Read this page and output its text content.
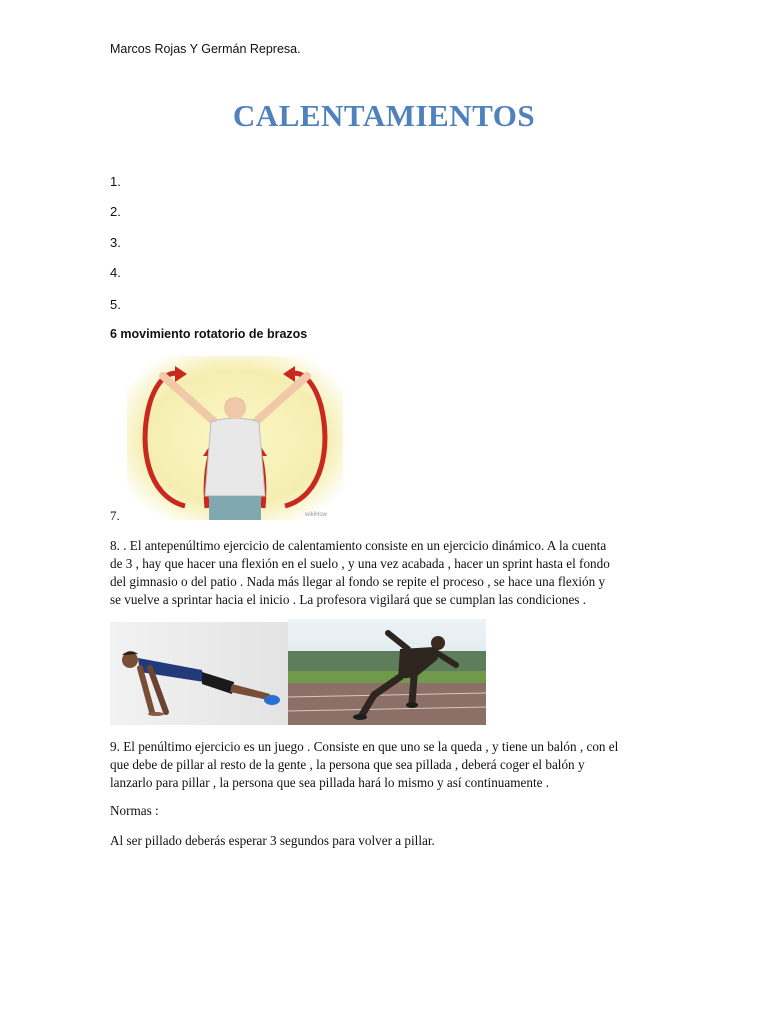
Marcos Rojas Y Germán Represa.
CALENTAMIENTOS
1.
2.
3.
4.
5.
6 movimiento rotatorio de brazos
wikiHow
7.
8. . El antepenúltimo ejercicio de calentamiento consiste en un ejercicio dinámico. A la cuenta
de 3 , hay que hacer una flexión en el suelo , y una vez acabada , hacer un sprint hasta el fondo
del gimnasio o del patio . Nada más llegar al fondo se repite el proceso , se hace una flexión y
se vuelve a sprintar hacia el inicio . La profesora vigilará que se cumplan las condiciones .
9. El penúltimo ejercicio es un juego . Consiste en que uno se la queda , y tiene un balón , con el
que debe de pillar al resto de la gente , la persona que sea pillada , deberá coger el balón y
lanzarlo para pillar , la persona que sea pillada hará lo mismo y así continuamente .
Normas :
Al ser pillado deberás esperar 3 segundos para volver a pillar.
